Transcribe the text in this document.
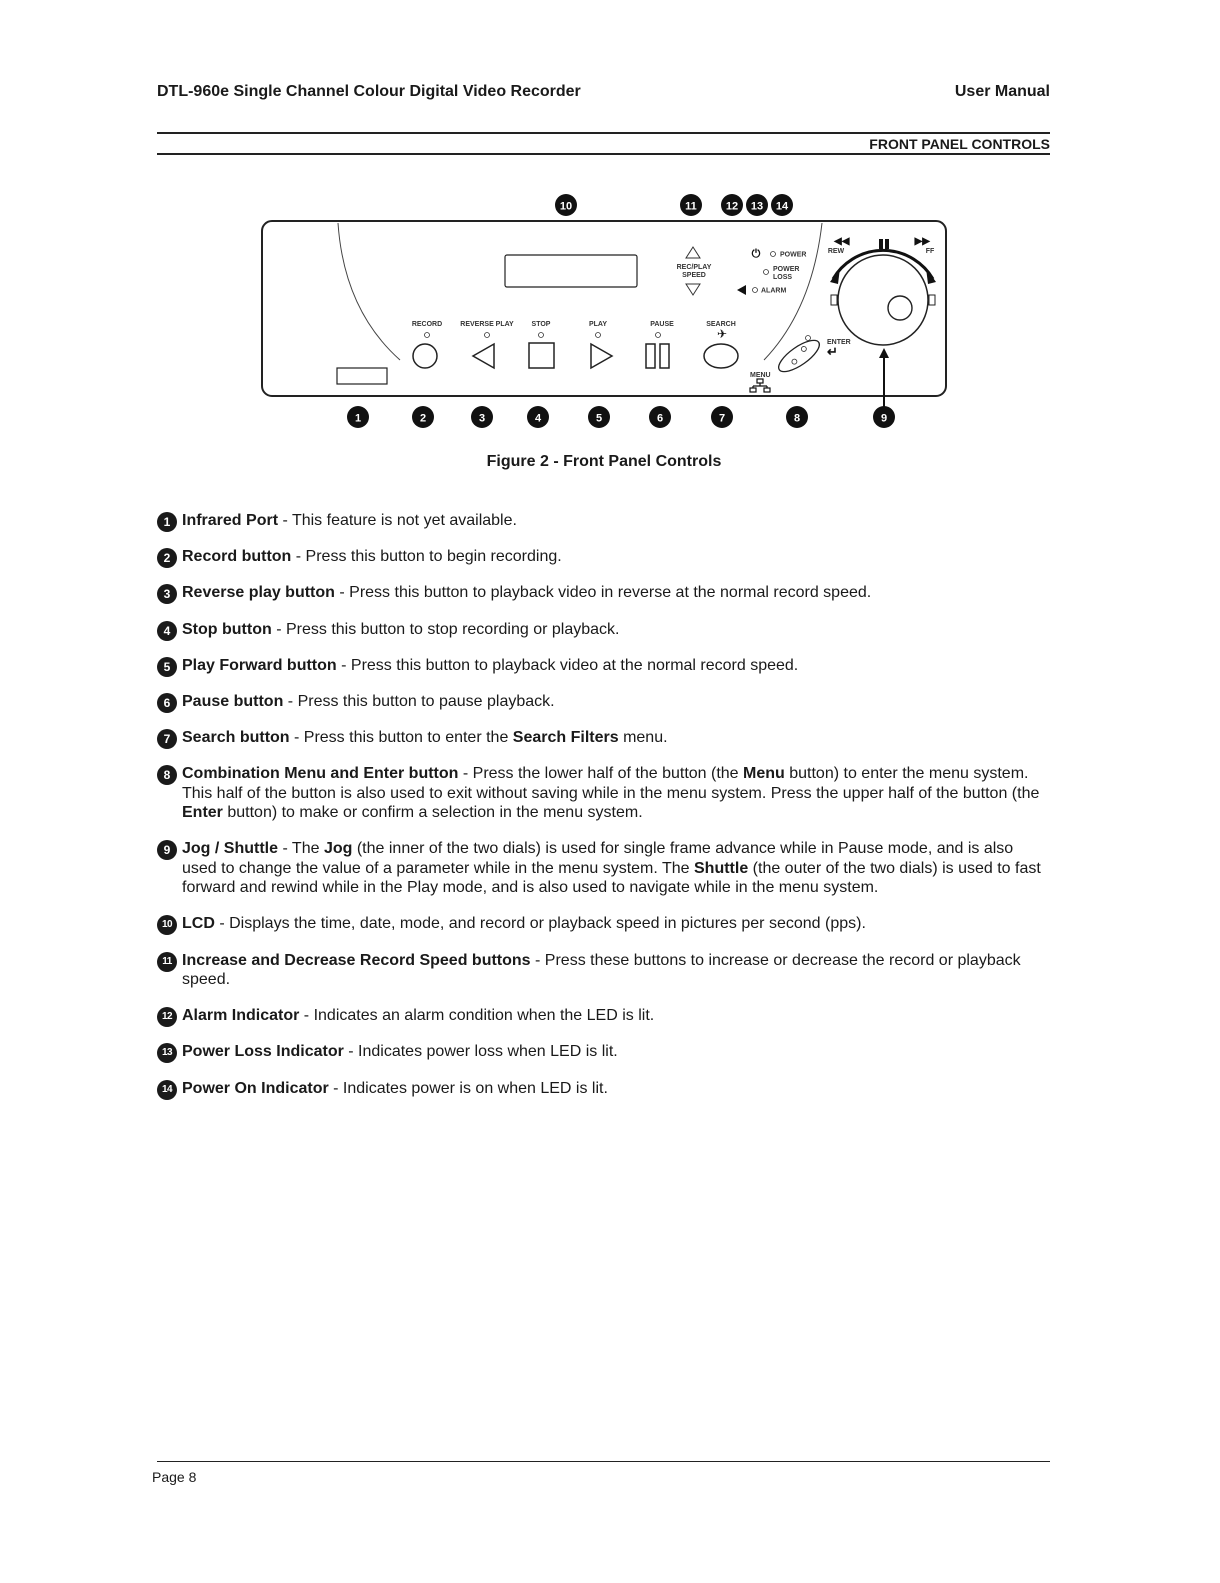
DTL-960e Single Channel Colour Digital Video Recorder	User Manual
FRONT PANEL CONTROLS
10	11	12 13 14
REC/PLAY
SPEED
⏻	POWER
POWER
LOSS
ALARM
RECORD	REVERSE PLAY	STOP	PLAY	PAUSE	SEARCH
✈
ENTER
↵
MENU
◀◀
REW
▶▶
FF
1	2	3	4	5	6	7	8	9
Figure 2 - Front Panel Controls
1 Infrared Port - This feature is not yet available.
2 Record button - Press this button to begin recording.
3 Reverse play button - Press this button to playback video in reverse at the normal record speed.
4 Stop button - Press this button to stop recording or playback.
5 Play Forward button - Press this button to playback video at the normal record speed.
6 Pause button - Press this button to pause playback.
7 Search button - Press this button to enter the Search Filters menu.
8 Combination Menu and Enter button - Press the lower half of the button (the Menu button) to enter the menu system. This half of the button is also used to exit without saving while in the menu system. Press the upper half of the button (the Enter button) to make or confirm a selection in the menu system.
9 Jog / Shuttle - The Jog (the inner of the two dials) is used for single frame advance while in Pause mode, and is also used to change the value of a parameter while in the menu system. The Shuttle (the outer of the two dials) is used to fast forward and rewind while in the Play mode, and is also used to navigate while in the menu system.
10 LCD - Displays the time, date, mode, and record or playback speed in pictures per second (pps).
11 Increase and Decrease Record Speed buttons - Press these buttons to increase or decrease the record or playback speed.
12 Alarm Indicator - Indicates an alarm condition when the LED is lit.
13 Power Loss Indicator - Indicates power loss when LED is lit.
14 Power On Indicator - Indicates power is on when LED is lit.
Page 8
